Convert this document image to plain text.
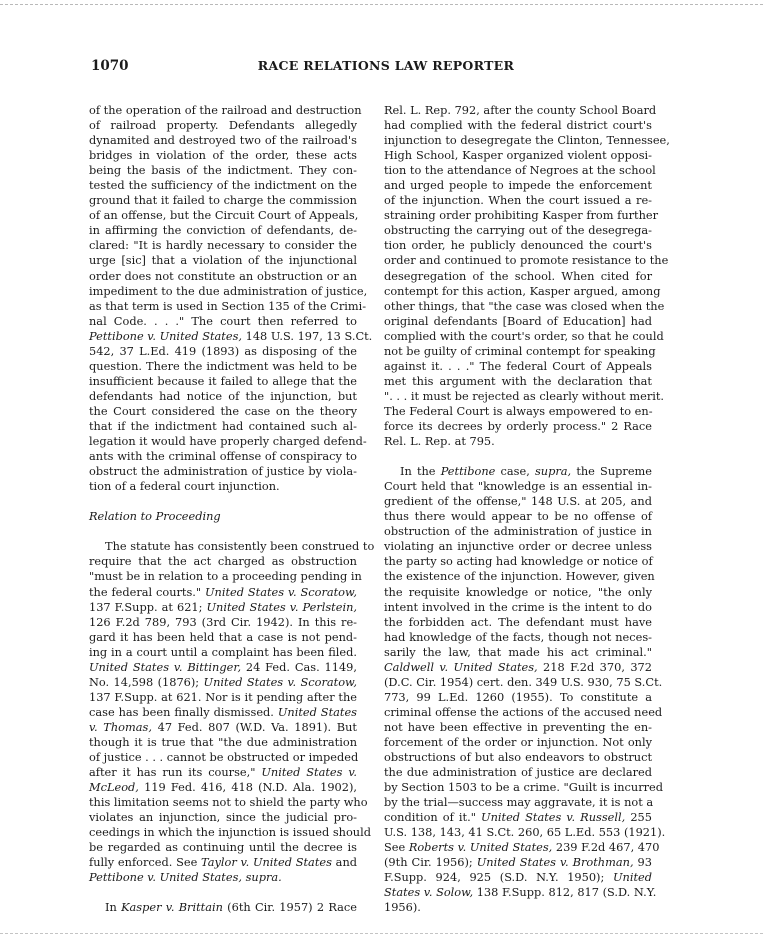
1070	RACE RELATIONS LAW REPORTER
of the operation of the railroad and destruction
of railroad property. Defendants allegedly
dynamited and destroyed two of the railroad's
bridges in violation of the order, these acts
being the basis of the indictment. They con-
tested the sufficiency of the indictment on the
ground that it failed to charge the commission
of an offense, but the Circuit Court of Appeals,
in affirming the conviction of defendants, de-
clared: "It is hardly necessary to consider the
urge [sic] that a violation of the injunctional
order does not constitute an obstruction or an
impediment to the due administration of justice,
as that term is used in Section 135 of the Crimi-
nal Code. . . ." The court then referred to
Pettibone v. United States, 148 U.S. 197, 13 S.Ct.
542, 37 L.Ed. 419 (1893) as disposing of the
question. There the indictment was held to be
insufficient because it failed to allege that the
defendants had notice of the injunction, but
the Court considered the case on the theory
that if the indictment had contained such al-
legation it would have properly charged defend-
ants with the criminal offense of conspiracy to
obstruct the administration of justice by viola-
tion of a federal court injunction.
Relation to Proceeding
The statute has consistently been construed to
require that the act charged as obstruction
"must be in relation to a proceeding pending in
the federal courts." United States v. Scoratow,
137 F.Supp. at 621; United States v. Perlstein,
126 F.2d 789, 793 (3rd Cir. 1942). In this re-
gard it has been held that a case is not pend-
ing in a court until a complaint has been filed.
United States v. Bittinger, 24 Fed. Cas. 1149,
No. 14,598 (1876); United States v. Scoratow,
137 F.Supp. at 621. Nor is it pending after the
case has been finally dismissed. United States
v. Thomas, 47 Fed. 807 (W.D. Va. 1891). But
though it is true that "the due administration
of justice . . . cannot be obstructed or impeded
after it has run its course," United States v.
McLeod, 119 Fed. 416, 418 (N.D. Ala. 1902),
this limitation seems not to shield the party who
violates an injunction, since the judicial pro-
ceedings in which the injunction is issued should
be regarded as continuing until the decree is
fully enforced. See Taylor v. United States and
Pettibone v. United States, supra.
In Kasper v. Brittain (6th Cir. 1957) 2 Race
Rel. L. Rep. 792, after the county School Board
had complied with the federal district court's
injunction to desegregate the Clinton, Tennessee,
High School, Kasper organized violent opposi-
tion to the attendance of Negroes at the school
and urged people to impede the enforcement
of the injunction. When the court issued a re-
straining order prohibiting Kasper from further
obstructing the carrying out of the desegrega-
tion order, he publicly denounced the court's
order and continued to promote resistance to the
desegregation of the school. When cited for
contempt for this action, Kasper argued, among
other things, that "the case was closed when the
original defendants [Board of Education] had
complied with the court's order, so that he could
not be guilty of criminal contempt for speaking
against it. . . ." The federal Court of Appeals
met this argument with the declaration that
". . . it must be rejected as clearly without merit.
The Federal Court is always empowered to en-
force its decrees by orderly process." 2 Race
Rel. L. Rep. at 795.
In the Pettibone case, supra, the Supreme
Court held that "knowledge is an essential in-
gredient of the offense," 148 U.S. at 205, and
thus there would appear to be no offense of
obstruction of the administration of justice in
violating an injunctive order or decree unless
the party so acting had knowledge or notice of
the existence of the injunction. However, given
the requisite knowledge or notice, "the only
intent involved in the crime is the intent to do
the forbidden act. The defendant must have
had knowledge of the facts, though not neces-
sarily the law, that made his act criminal."
Caldwell v. United States, 218 F.2d 370, 372
(D.C. Cir. 1954) cert. den. 349 U.S. 930, 75 S.Ct.
773, 99 L.Ed. 1260 (1955). To constitute a
criminal offense the actions of the accused need
not have been effective in preventing the en-
forcement of the order or injunction. Not only
obstructions of but also endeavors to obstruct
the due administration of justice are declared
by Section 1503 to be a crime. "Guilt is incurred
by the trial—success may aggravate, it is not a
condition of it." United States v. Russell, 255
U.S. 138, 143, 41 S.Ct. 260, 65 L.Ed. 553 (1921).
See Roberts v. United States, 239 F.2d 467, 470
(9th Cir. 1956); United States v. Brothman, 93
F.Supp. 924, 925 (S.D. N.Y. 1950); United
States v. Solow, 138 F.Supp. 812, 817 (S.D. N.Y.
1956).
